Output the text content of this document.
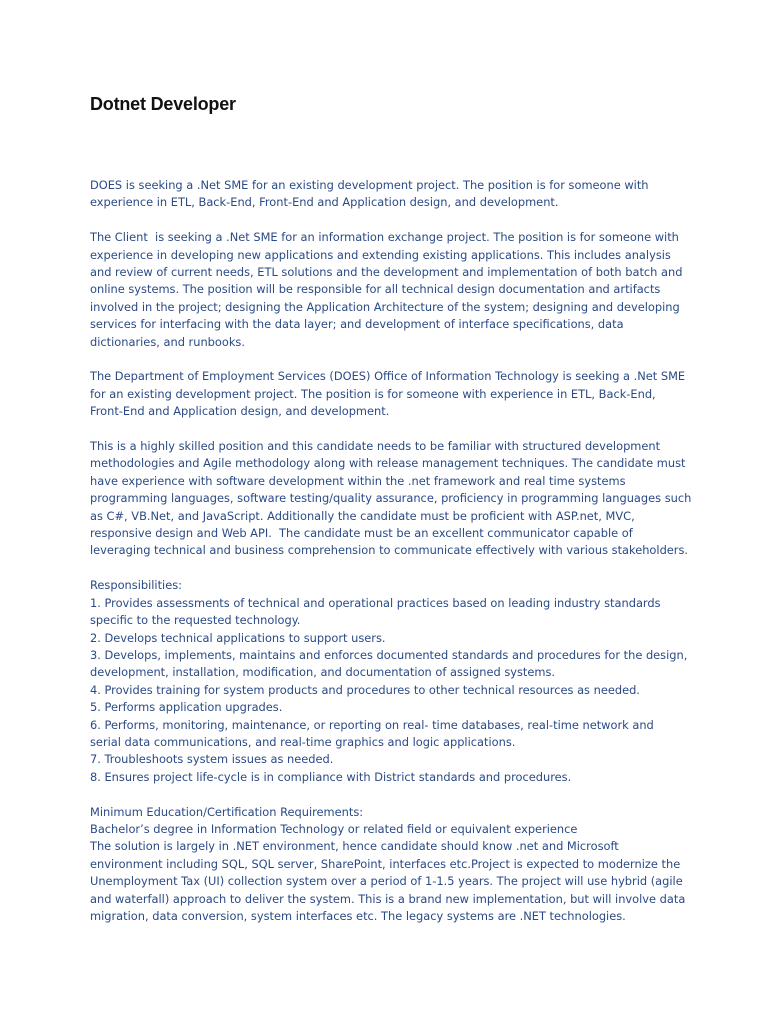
Dotnet Developer
DOES is seeking a .Net SME for an existing development project. The position is for someone with
experience in ETL, Back-End, Front-End and Application design, and development.
The Client  is seeking a .Net SME for an information exchange project. The position is for someone with
experience in developing new applications and extending existing applications. This includes analysis
and review of current needs, ETL solutions and the development and implementation of both batch and
online systems. The position will be responsible for all technical design documentation and artifacts
involved in the project; designing the Application Architecture of the system; designing and developing
services for interfacing with the data layer; and development of interface specifications, data
dictionaries, and runbooks.
The Department of Employment Services (DOES) Office of Information Technology is seeking a .Net SME
for an existing development project. The position is for someone with experience in ETL, Back-End,
Front-End and Application design, and development.
This is a highly skilled position and this candidate needs to be familiar with structured development
methodologies and Agile methodology along with release management techniques. The candidate must
have experience with software development within the .net framework and real time systems
programming languages, software testing/quality assurance, proficiency in programming languages such
as C#, VB.Net, and JavaScript. Additionally the candidate must be proficient with ASP.net, MVC,
responsive design and Web API.  The candidate must be an excellent communicator capable of
leveraging technical and business comprehension to communicate effectively with various stakeholders.
Responsibilities:
1. Provides assessments of technical and operational practices based on leading industry standards
specific to the requested technology.
2. Develops technical applications to support users.
3. Develops, implements, maintains and enforces documented standards and procedures for the design,
development, installation, modification, and documentation of assigned systems.
4. Provides training for system products and procedures to other technical resources as needed.
5. Performs application upgrades.
6. Performs, monitoring, maintenance, or reporting on real- time databases, real-time network and
serial data communications, and real-time graphics and logic applications.
7. Troubleshoots system issues as needed.
8. Ensures project life-cycle is in compliance with District standards and procedures.
Minimum Education/Certification Requirements:
Bachelor’s degree in Information Technology or related field or equivalent experience
The solution is largely in .NET environment, hence candidate should know .net and Microsoft
environment including SQL, SQL server, SharePoint, interfaces etc.Project is expected to modernize the
Unemployment Tax (UI) collection system over a period of 1-1.5 years. The project will use hybrid (agile
and waterfall) approach to deliver the system. This is a brand new implementation, but will involve data
migration, data conversion, system interfaces etc. The legacy systems are .NET technologies.
